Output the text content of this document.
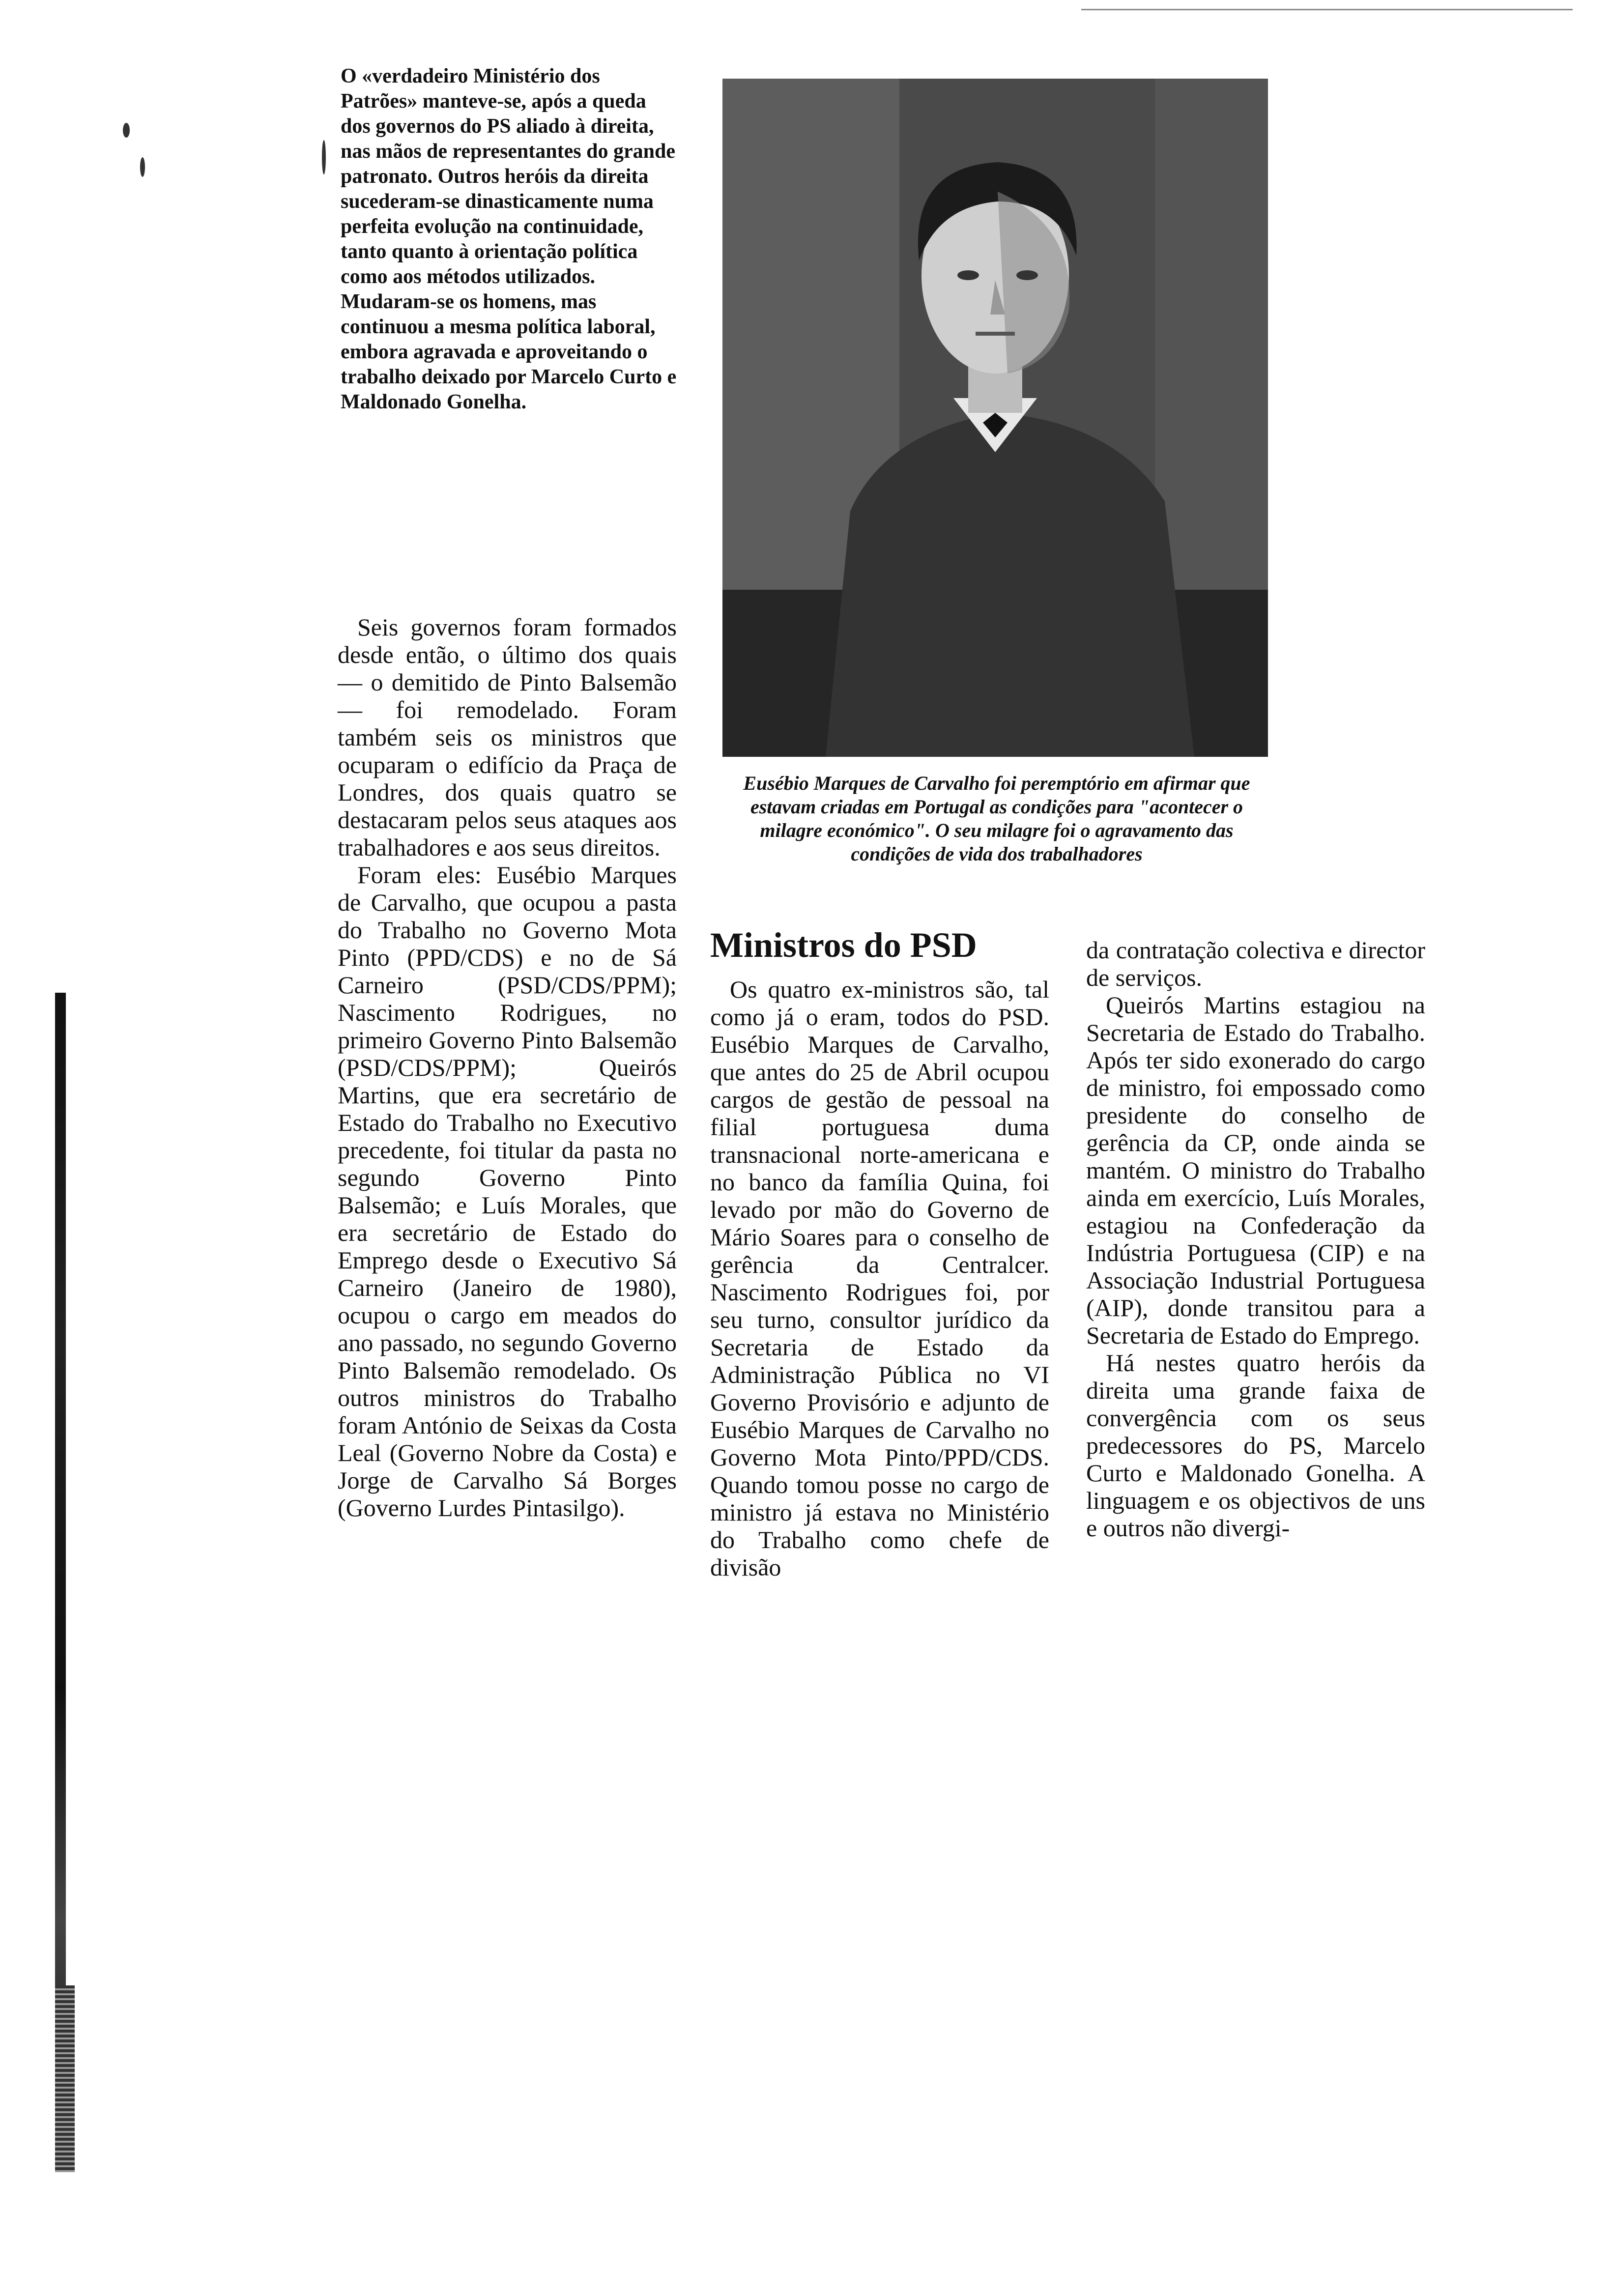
O «verdadeiro Ministério dos Patrões» manteve-se, após a queda dos governos do PS aliado à direita, nas mãos de representantes do grande patronato. Outros heróis da direita sucederam-se dinasticamente numa perfeita evolução na continuidade, tanto quanto à orientação política como aos métodos utilizados. Mudaram-se os homens, mas continuou a mesma política laboral, embora agravada e aproveitando o trabalho deixado por Marcelo Curto e Maldonado Gonelha.

Seis governos foram formados desde então, o último dos quais — o demitido de Pinto Balsemão — foi remodelado. Foram também seis os ministros que ocuparam o edifício da Praça de Londres, dos quais quatro se destacaram pelos seus ataques aos trabalhadores e aos seus direitos.

Foram eles: Eusébio Marques de Carvalho, que ocupou a pasta do Trabalho no Governo Mota Pinto (PPD/CDS) e no de Sá Carneiro (PSD/CDS/PPM); Nascimento Rodrigues, no primeiro Governo Pinto Balsemão (PSD/CDS/PPM); Queirós Martins, que era secretário de Estado do Trabalho no Executivo precedente, foi titular da pasta no segundo Governo Pinto Balsemão; e Luís Morales, que era secretário de Estado do Emprego desde o Executivo Sá Carneiro (Janeiro de 1980), ocupou o cargo em meados do ano passado, no segundo Governo Pinto Balsemão remodelado. Os outros ministros do Trabalho foram António de Seixas da Costa Leal (Governo Nobre da Costa) e Jorge de Carvalho Sá Borges (Governo Lurdes Pintasilgo).

Eusébio Marques de Carvalho foi peremptório em afirmar que estavam criadas em Portugal as condições para "acontecer o milagre económico". O seu milagre foi o agravamento das condições de vida dos trabalhadores

Ministros do PSD

Os quatro ex-ministros são, tal como já o eram, todos do PSD. Eusébio Marques de Carvalho, que antes do 25 de Abril ocupou cargos de gestão de pessoal na filial portuguesa duma transnacional norte-americana e no banco da família Quina, foi levado por mão do Governo de Mário Soares para o conselho de gerência da Centralcer. Nascimento Rodrigues foi, por seu turno, consultor jurídico da Secretaria de Estado da Administração Pública no VI Governo Provisório e adjunto de Eusébio Marques de Carvalho no Governo Mota Pinto/PPD/CDS. Quando tomou posse no cargo de ministro já estava no Ministério do Trabalho como chefe de divisão

da contratação colectiva e director de serviços.

Queirós Martins estagiou na Secretaria de Estado do Trabalho. Após ter sido exonerado do cargo de ministro, foi empossado como presidente do conselho de gerência da CP, onde ainda se mantém. O ministro do Trabalho ainda em exercício, Luís Morales, estagiou na Confederação da Indústria Portuguesa (CIP) e na Associação Industrial Portuguesa (AIP), donde transitou para a Secretaria de Estado do Emprego.

Há nestes quatro heróis da direita uma grande faixa de convergência com os seus predecessores do PS, Marcelo Curto e Maldonado Gonelha. A linguagem e os objectivos de uns e outros não divergi-
